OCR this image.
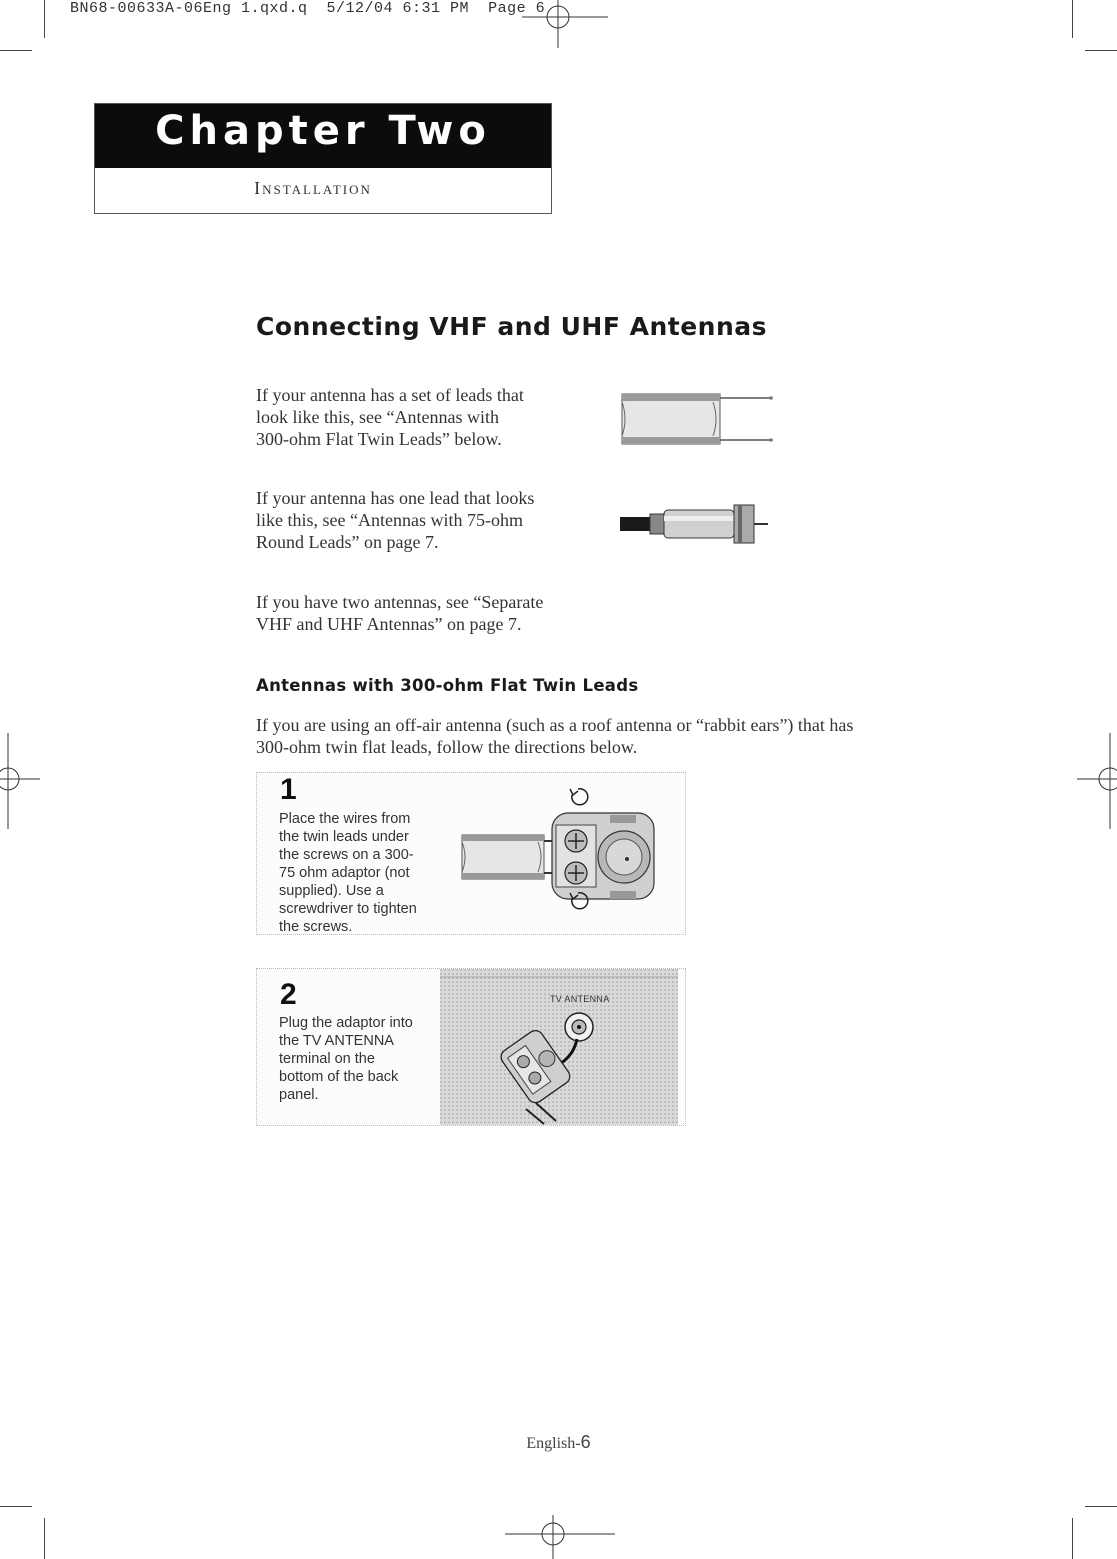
BN68-00633A-06Eng 1.qxd.q  5/12/04 6:31 PM  Page 6
Chapter Two
Installation
Connecting VHF and UHF Antennas
If your antenna has a set of leads that
look like this, see “Antennas with
300-ohm Flat Twin Leads” below.
If your antenna has one lead that looks
like this, see “Antennas with 75-ohm
Round Leads” on page 7.
If you have two antennas, see “Separate
VHF and UHF Antennas” on page 7.
Antennas with 300-ohm Flat Twin Leads
If you are using an off-air antenna (such as a roof antenna or “rabbit ears”) that has
300-ohm twin flat leads, follow the directions below.
1
Place the wires from
the twin leads under
the screws on a 300-
75 ohm adaptor (not
supplied). Use a
screwdriver to tighten
the screws.
2
Plug the adaptor into
the TV ANTENNA
terminal on the
bottom of the back
panel.
TV ANTENNA
English-6
